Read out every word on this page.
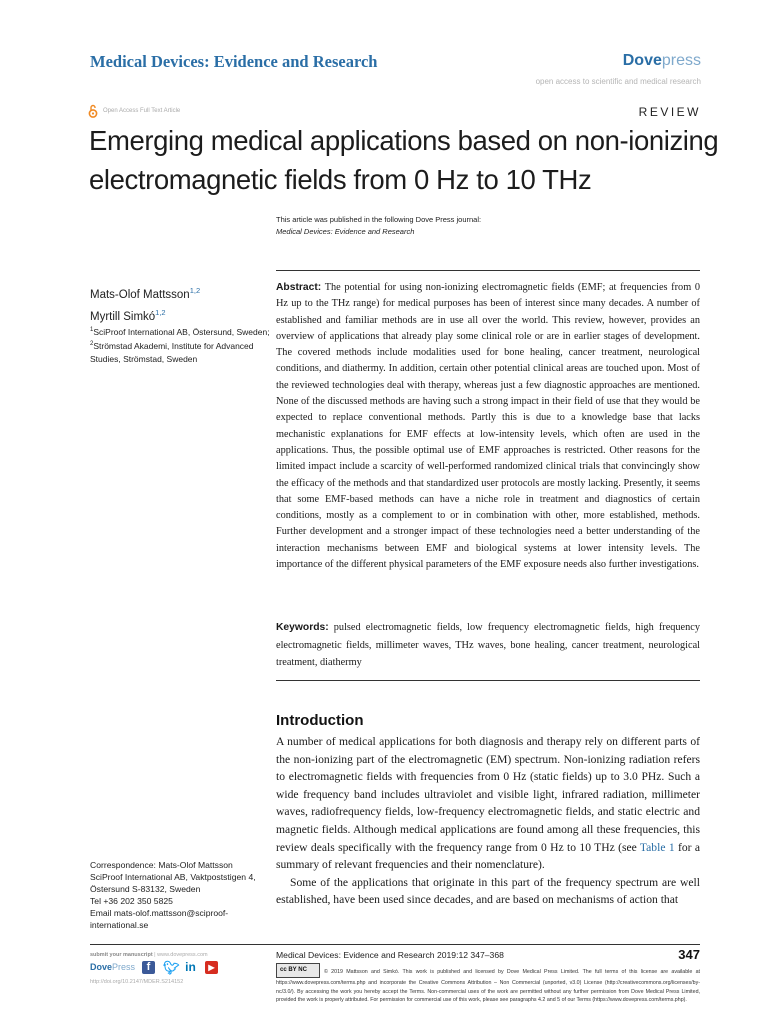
Medical Devices: Evidence and Research	Dovepress
open access to scientific and medical research
Open Access Full Text Article	REVIEW
Emerging medical applications based on non-ionizing electromagnetic fields from 0 Hz to 10 THz
This article was published in the following Dove Press journal:
Medical Devices: Evidence and Research
Mats-Olof Mattsson$^{1,2}$
Myrtill Simkó$^{1,2}$
$^1$SciProof International AB, Östersund, Sweden; $^2$Strömstad Akademi, Institute for Advanced Studies, Strömstad, Sweden
Abstract: The potential for using non-ionizing electromagnetic fields (EMF; at frequencies from 0 Hz up to the THz range) for medical purposes has been of interest since many decades. A number of established and familiar methods are in use all over the world. This review, however, provides an overview of applications that already play some clinical role or are in earlier stages of development. The covered methods include modalities used for bone healing, cancer treatment, neurological conditions, and diathermy. In addition, certain other potential clinical areas are touched upon. Most of the reviewed technologies deal with therapy, whereas just a few diagnostic approaches are mentioned. None of the discussed methods are having such a strong impact in their field of use that they would be expected to replace conventional methods. Partly this is due to a knowledge base that lacks mechanistic explanations for EMF effects at low-intensity levels, which often are used in the applications. Thus, the possible optimal use of EMF approaches is restricted. Other reasons for the limited impact include a scarcity of well-performed randomized clinical trials that convincingly show the efficacy of the methods and that standardized user protocols are mostly lacking. Presently, it seems that some EMF-based methods can have a niche role in treatment and diagnostics of certain conditions, mostly as a complement to or in combination with other, more established, methods. Further development and a stronger impact of these technologies need a better understanding of the interaction mechanisms between EMF and biological systems at lower intensity levels. The importance of the different physical parameters of the EMF exposure needs also further investigations.
Keywords: pulsed electromagnetic fields, low frequency electromagnetic fields, high frequency electromagnetic fields, millimeter waves, THz waves, bone healing, cancer treatment, neurological treatment, diathermy
Introduction

A number of medical applications for both diagnosis and therapy rely on different parts of the non-ionizing part of the electromagnetic (EM) spectrum. Non-ionizing radiation refers to electromagnetic fields with frequencies from 0 Hz (static fields) up to 3.0 PHz. Such a wide frequency band includes ultraviolet and visible light, infrared radiation, millimeter waves, radiofrequency fields, low-frequency electromagnetic fields, and static electric and magnetic fields. Although medical applications are found among all these frequencies, this review deals specifically with the frequency range from 0 Hz to 10 THz (see Table 1 for a summary of relevant frequencies and their nomenclature).

Some of the applications that originate in this part of the frequency spectrum are well established, have been used since decades, and are based on mechanisms of action that

Correspondence: Mats-Olof Mattsson
SciProof International AB, Vaktpoststigen 4,
Östersund S-83132, Sweden
Tel +36 202 350 5825
Email mats-olof.mattsson@sciproof-
international.se
submit your manuscript | www.dovepress.com
DovePress	f 🐦︎ in	▶
http://doi.org/10.2147/MDER.S214152
Medical Devices: Evidence and Research 2019:12 347–368	347
cc BY NC	© 2019 Mattsson and Simkó. This work is published and licensed by Dove Medical Press Limited. The full terms of this license are available at https://www.dovepress.com/terms.php and incorporate the Creative Commons Attribution – Non Commercial (unported, v3.0) License (http://creativecommons.org/licenses/by-nc/3.0/). By accessing the work you hereby accept the Terms. Non-commercial uses of the work are permitted without any further permission from Dove Medical Press Limited, provided the work is properly attributed. For permission for commercial use of this work, please see paragraphs 4.2 and 5 of our Terms (https://www.dovepress.com/terms.php).
